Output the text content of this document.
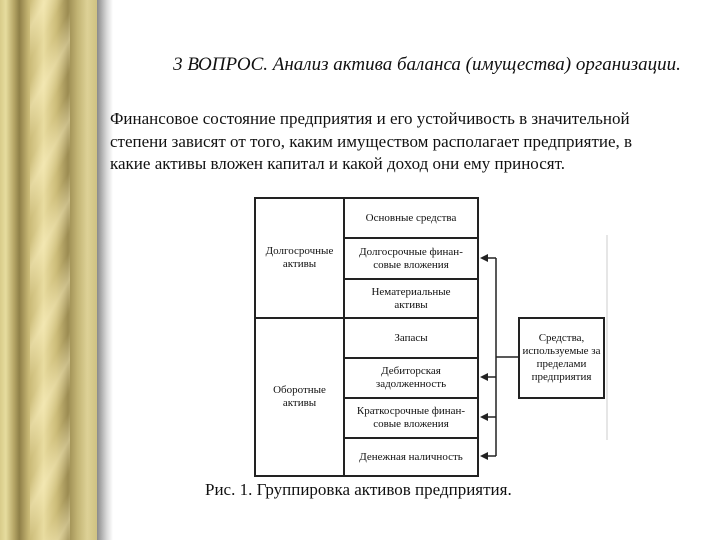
3 ВОПРОС. Анализ актива баланса (имущества) организации.
Финансовое состояние предприятия и его устойчивость в значительной
степени зависят от того, каким имуществом располагает предприятие, в
какие активы вложен капитал и какой доход они ему приносят.
Долгосрочные активы
Оборотные активы
Основные средства
Долгосрочные финан-совые вложения
Нематериальные активы
Запасы
Дебиторская задолженность
Краткосрочные финан-совые вложения
Денежная наличность
Средства, используемые за пределами предприятия
Рис. 1. Группировка активов предприятия.
